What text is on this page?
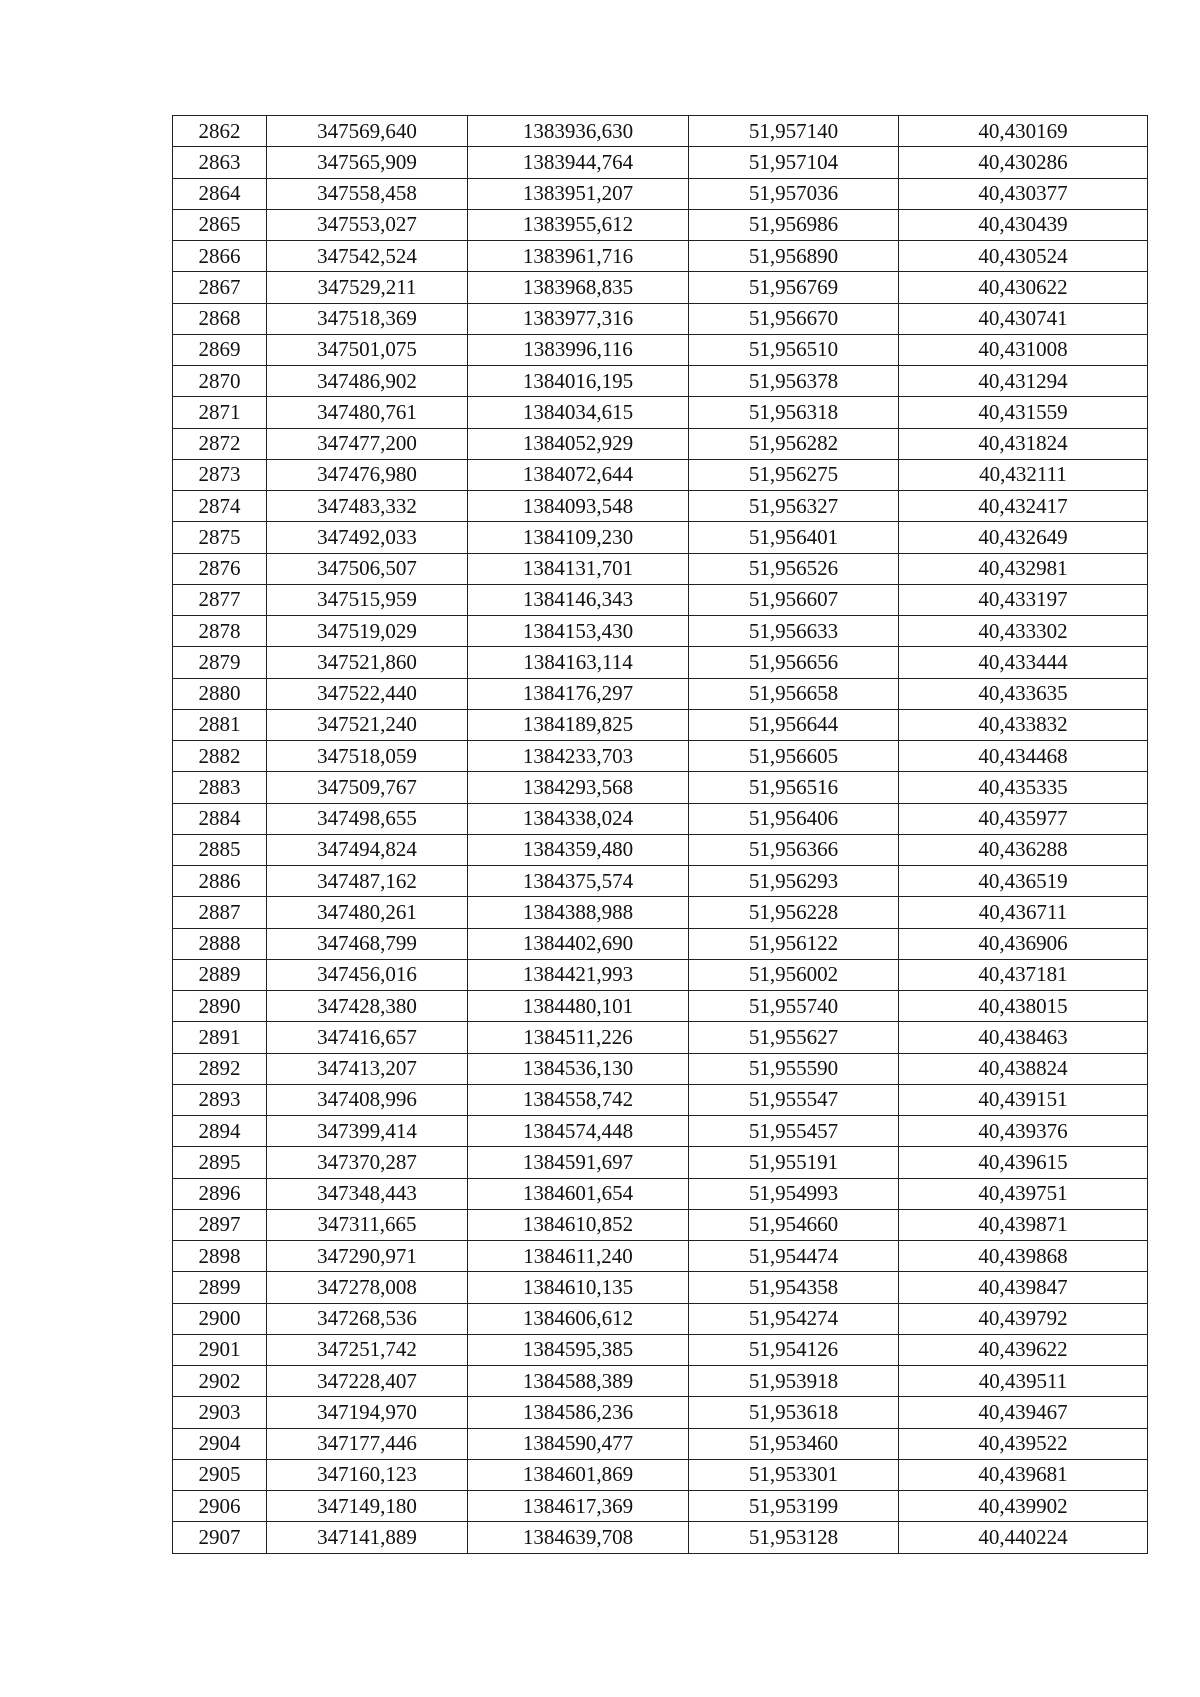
2862	347569,640	1383936,630	51,957140	40,430169
2863	347565,909	1383944,764	51,957104	40,430286
2864	347558,458	1383951,207	51,957036	40,430377
2865	347553,027	1383955,612	51,956986	40,430439
2866	347542,524	1383961,716	51,956890	40,430524
2867	347529,211	1383968,835	51,956769	40,430622
2868	347518,369	1383977,316	51,956670	40,430741
2869	347501,075	1383996,116	51,956510	40,431008
2870	347486,902	1384016,195	51,956378	40,431294
2871	347480,761	1384034,615	51,956318	40,431559
2872	347477,200	1384052,929	51,956282	40,431824
2873	347476,980	1384072,644	51,956275	40,432111
2874	347483,332	1384093,548	51,956327	40,432417
2875	347492,033	1384109,230	51,956401	40,432649
2876	347506,507	1384131,701	51,956526	40,432981
2877	347515,959	1384146,343	51,956607	40,433197
2878	347519,029	1384153,430	51,956633	40,433302
2879	347521,860	1384163,114	51,956656	40,433444
2880	347522,440	1384176,297	51,956658	40,433635
2881	347521,240	1384189,825	51,956644	40,433832
2882	347518,059	1384233,703	51,956605	40,434468
2883	347509,767	1384293,568	51,956516	40,435335
2884	347498,655	1384338,024	51,956406	40,435977
2885	347494,824	1384359,480	51,956366	40,436288
2886	347487,162	1384375,574	51,956293	40,436519
2887	347480,261	1384388,988	51,956228	40,436711
2888	347468,799	1384402,690	51,956122	40,436906
2889	347456,016	1384421,993	51,956002	40,437181
2890	347428,380	1384480,101	51,955740	40,438015
2891	347416,657	1384511,226	51,955627	40,438463
2892	347413,207	1384536,130	51,955590	40,438824
2893	347408,996	1384558,742	51,955547	40,439151
2894	347399,414	1384574,448	51,955457	40,439376
2895	347370,287	1384591,697	51,955191	40,439615
2896	347348,443	1384601,654	51,954993	40,439751
2897	347311,665	1384610,852	51,954660	40,439871
2898	347290,971	1384611,240	51,954474	40,439868
2899	347278,008	1384610,135	51,954358	40,439847
2900	347268,536	1384606,612	51,954274	40,439792
2901	347251,742	1384595,385	51,954126	40,439622
2902	347228,407	1384588,389	51,953918	40,439511
2903	347194,970	1384586,236	51,953618	40,439467
2904	347177,446	1384590,477	51,953460	40,439522
2905	347160,123	1384601,869	51,953301	40,439681
2906	347149,180	1384617,369	51,953199	40,439902
2907	347141,889	1384639,708	51,953128	40,440224
